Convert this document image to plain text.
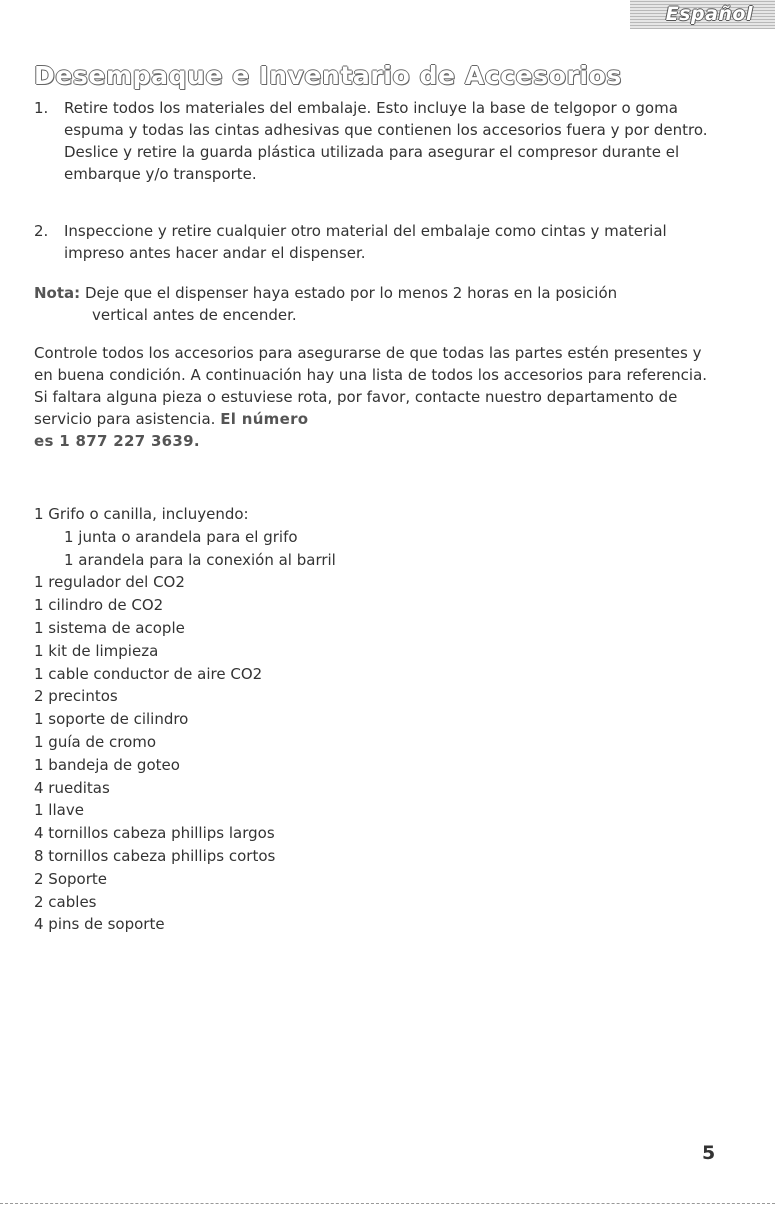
Español
Desempaque e Inventario de Accesorios
1. Retire todos los materiales del embalaje. Esto incluye la base de telgopor o goma espuma y todas las cintas adhesivas que contienen los accesorios fuera y por dentro. Deslice y retire la guarda plástica utilizada para asegurar el compresor durante el embarque y/o transporte.
2. Inspeccione y retire cualquier otro material del embalaje como cintas y material impreso antes hacer andar el dispenser.
Nota: Deje que el dispenser haya estado por lo menos 2 horas en la posición
vertical antes de encender.
Controle todos los accesorios para asegurarse de que todas las partes estén presentes y en buena condición. A continuación hay una lista de todos los accesorios para referencia. Si faltara alguna pieza o estuviese rota, por favor, contacte nuestro departamento de servicio para asistencia. El número
es 1 877 227 3639.
1 Grifo o canilla, incluyendo:
1 junta o arandela para el grifo
1 arandela para la conexión al barril
1 regulador del CO2
1 cilindro de CO2
1 sistema de acople
1 kit de limpieza
1 cable conductor de aire CO2
2 precintos
1 soporte de cilindro
1 guía de cromo
1 bandeja de goteo
4 rueditas
1 llave
4 tornillos cabeza phillips largos
8 tornillos cabeza phillips cortos
2 Soporte
2 cables
4 pins de soporte
5
